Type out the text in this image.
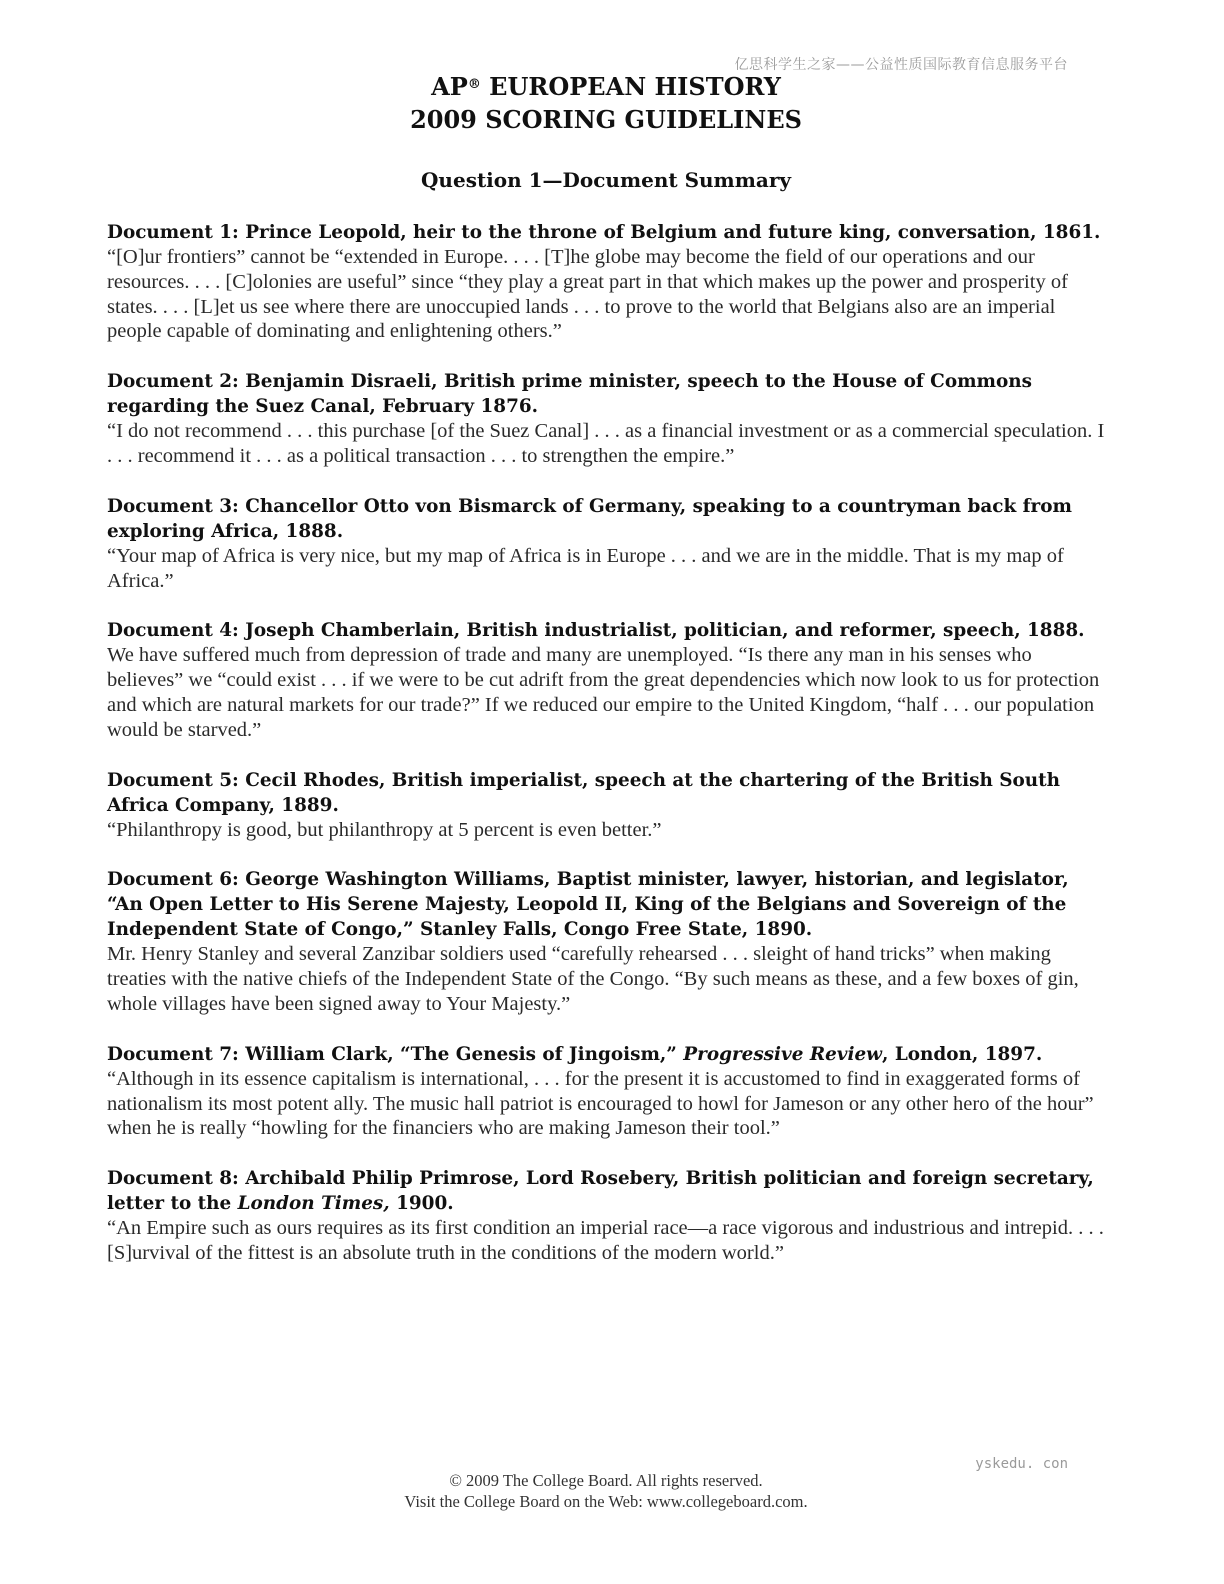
亿思科学生之家——公益性质国际教育信息服务平台
AP® EUROPEAN HISTORY
2009 SCORING GUIDELINES
Question 1—Document Summary
Document 1: Prince Leopold, heir to the throne of Belgium and future king, conversation, 1861.
“[O]ur frontiers” cannot be “extended in Europe. . . . [T]he globe may become the field of our operations and our resources. . . . [C]olonies are useful” since “they play a great part in that which makes up the power and prosperity of states. . . . [L]et us see where there are unoccupied lands . . . to prove to the world that Belgians also are an imperial people capable of dominating and enlightening others.”
Document 2: Benjamin Disraeli, British prime minister, speech to the House of Commons regarding the Suez Canal, February 1876.
“I do not recommend . . . this purchase [of the Suez Canal] . . . as a financial investment or as a commercial speculation. I . . . recommend it . . . as a political transaction . . . to strengthen the empire.”
Document 3: Chancellor Otto von Bismarck of Germany, speaking to a countryman back from exploring Africa, 1888.
“Your map of Africa is very nice, but my map of Africa is in Europe . . . and we are in the middle. That is my map of Africa.”
Document 4: Joseph Chamberlain, British industrialist, politician, and reformer, speech, 1888.
We have suffered much from depression of trade and many are unemployed. “Is there any man in his senses who believes” we “could exist . . . if we were to be cut adrift from the great dependencies which now look to us for protection and which are natural markets for our trade?” If we reduced our empire to the United Kingdom, “half . . . our population would be starved.”
Document 5: Cecil Rhodes, British imperialist, speech at the chartering of the British South Africa Company, 1889.
“Philanthropy is good, but philanthropy at 5 percent is even better.”
Document 6: George Washington Williams, Baptist minister, lawyer, historian, and legislator, “An Open Letter to His Serene Majesty, Leopold II, King of the Belgians and Sovereign of the Independent State of Congo,” Stanley Falls, Congo Free State, 1890.
Mr. Henry Stanley and several Zanzibar soldiers used “carefully rehearsed . . . sleight of hand tricks” when making treaties with the native chiefs of the Independent State of the Congo. “By such means as these, and a few boxes of gin, whole villages have been signed away to Your Majesty.”
Document 7: William Clark, “The Genesis of Jingoism,” Progressive Review, London, 1897.
“Although in its essence capitalism is international, . . . for the present it is accustomed to find in exaggerated forms of nationalism its most potent ally. The music hall patriot is encouraged to howl for Jameson or any other hero of the hour” when he is really “howling for the financiers who are making Jameson their tool.”
Document 8: Archibald Philip Primrose, Lord Rosebery, British politician and foreign secretary, letter to the London Times, 1900.
“An Empire such as ours requires as its first condition an imperial race—a race vigorous and industrious and intrepid. . . . [S]urvival of the fittest is an absolute truth in the conditions of the modern world.”
yskedu. con
© 2009 The College Board. All rights reserved.
Visit the College Board on the Web: www.collegeboard.com.
